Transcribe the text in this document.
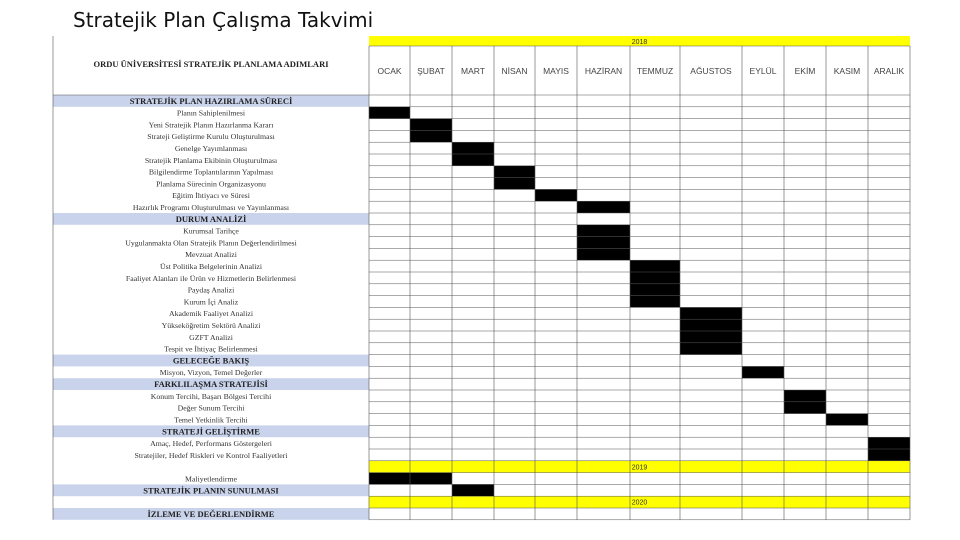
Stratejik Plan Çalışma Takvimi
2018
ORDU ÜNİVERSİTESİ STRATEJİK PLANLAMA ADIMLARI
OCAK ŞUBAT MART NİSAN MAYIS HAZİRAN TEMMUZ AĞUSTOS EYLÜL EKİM KASIM ARALIK
STRATEJİK PLAN HAZIRLAMA SÜRECİ
Planın Sahiplenilmesi
Yeni Stratejik Planın Hazırlanma Kararı
Strateji Geliştirme Kurulu Oluşturulması
Genelge Yayımlanması
Stratejik Planlama Ekibinin Oluşturulması
Bilgilendirme Toplantılarının Yapılması
Planlama Sürecinin Organizasyonu
Eğitim İhtiyacı ve Süresi
Hazırlık Programı Oluşturulması ve Yayınlanması
DURUM ANALİZİ
Kurumsal Tarihçe
Uygulanmakta Olan Stratejik Planın Değerlendirilmesi
Mevzuat Analizi
Üst Politika Belgelerinin Analizi
Faaliyet Alanları ile Ürün ve Hizmetlerin Belirlenmesi
Paydaş Analizi
Kurum İçi Analiz
Akademik Faaliyet Analizi
Yükseköğretim Sektörü Analizi
GZFT Analizi
Tespit ve İhtiyaç Belirlenmesi
GELECEĞE BAKIŞ
Misyon, Vizyon, Temel Değerler
FARKLILAŞMA STRATEJİSİ
Konum Tercihi, Başarı Bölgesi Tercihi
Değer Sunum Tercihi
Temel Yetkinlik Tercihi
STRATEJİ GELİŞTİRME
Amaç, Hedef, Performans Göstergeleri
Stratejiler, Hedef Riskleri ve Kontrol Faaliyetleri
2019
Maliyetlendirme
STRATEJİK PLANIN SUNULMASI
2020
İZLEME VE DEĞERLENDİRME
